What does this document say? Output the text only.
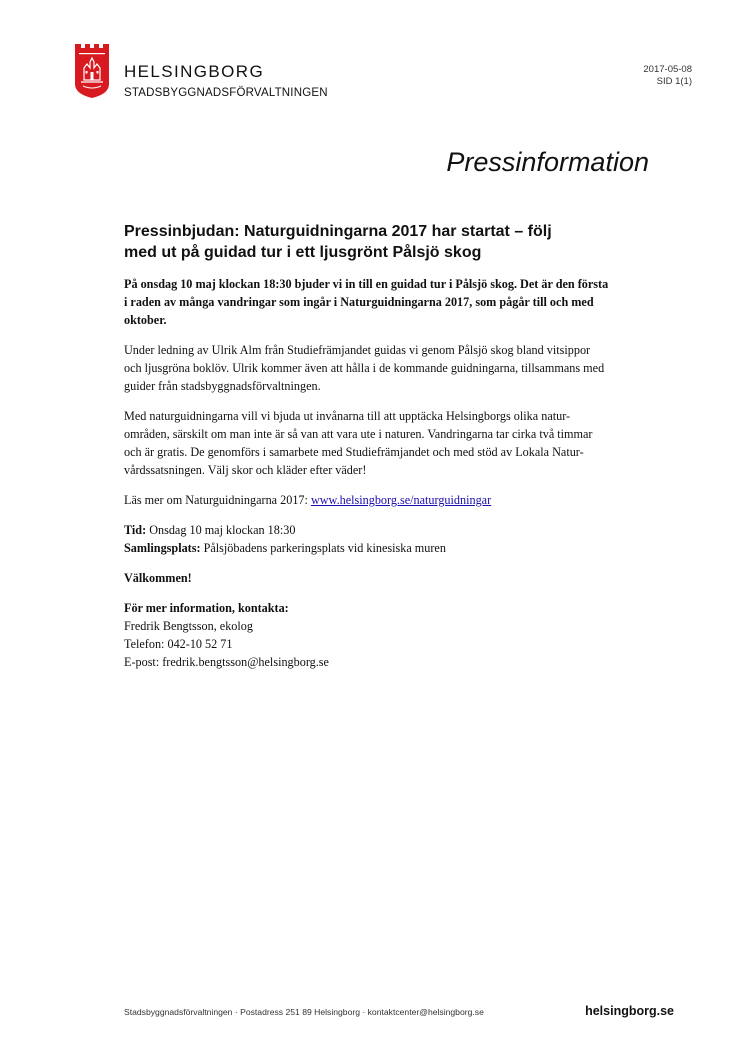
HELSINGBORG
STADSBYGGNADSFÖRVALTNINGEN
2017-05-08
SID 1(1)
Pressinformation
Pressinbjudan: Naturguidningarna 2017 har startat – följ
med ut på guidad tur i ett ljusgrönt Pålsjö skog

På onsdag 10 maj klockan 18:30 bjuder vi in till en guidad tur i Pålsjö skog. Det är den första
i raden av många vandringar som ingår i Naturguidningarna 2017, som pågår till och med
oktober.

Under ledning av Ulrik Alm från Studiefrämjandet guidas vi genom Pålsjö skog bland vitsippor
och ljusgröna boklöv. Ulrik kommer även att hålla i de kommande guidningarna, tillsammans med
guider från stadsbyggnadsförvaltningen.

Med naturguidningarna vill vi bjuda ut invånarna till att upptäcka Helsingborgs olika natur-
områden, särskilt om man inte är så van att vara ute i naturen. Vandringarna tar cirka två timmar
och är gratis. De genomförs i samarbete med Studiefrämjandet och med stöd av Lokala Natur-
vårdssatsningen. Välj skor och kläder efter väder!

Läs mer om Naturguidningarna 2017: www.helsingborg.se/naturguidningar

Tid: Onsdag 10 maj klockan 18:30
Samlingsplats: Pålsjöbadens parkeringsplats vid kinesiska muren

Välkommen!

För mer information, kontakta:
Fredrik Bengtsson, ekolog
Telefon: 042-10 52 71
E-post: fredrik.bengtsson@helsingborg.se

Stadsbyggnadsförvaltningen · Postadress 251 89 Helsingborg · kontaktcenter@helsingborg.se	helsingborg.se
